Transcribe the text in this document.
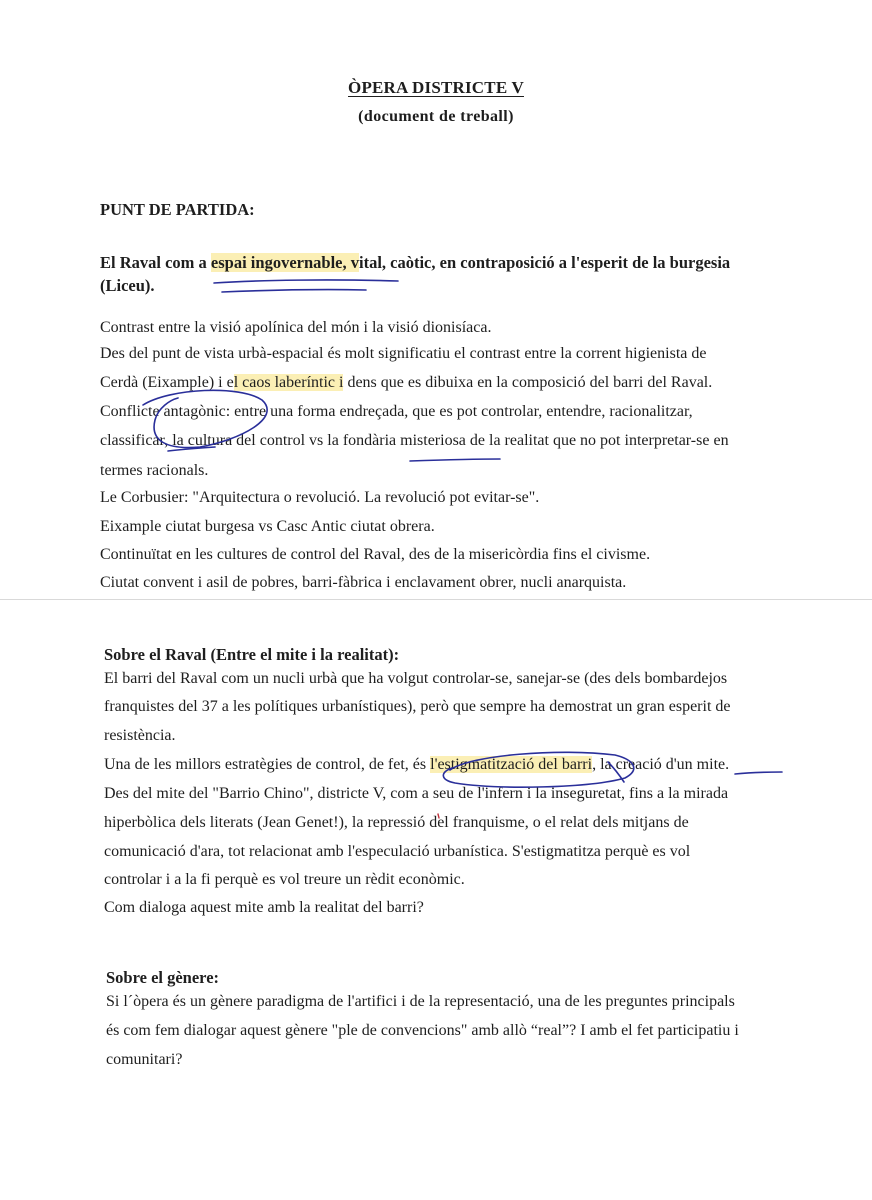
ÒPERA DISTRICTE V
(document de treball)
PUNT DE PARTIDA:
El Raval com a espai ingovernable, vital, caòtic, en contraposició a l'esperit de la burgesia
(Liceu).
Contrast entre la visió apolínica del món i la visió dionisíaca.
Des del punt de vista urbà-espacial és molt significatiu el contrast entre la corrent higienista de
Cerdà (Eixample) i el caos laberíntic i dens que es dibuixa en la composició del barri del Raval.
Conflicte antagònic: entre una forma endreçada, que es pot controlar, entendre, racionalitzar,
classificar, la cultura del control vs la fondària misteriosa de la realitat que no pot interpretar-se en
termes racionals.
Le Corbusier: "Arquitectura o revolució. La revolució pot evitar-se".
Eixample ciutat burgesa vs Casc Antic ciutat obrera.
Continuïtat en les cultures de control del Raval, des de la misericòrdia fins el civisme.
Ciutat convent i asil de pobres, barri-fàbrica i enclavament obrer, nucli anarquista.
Sobre el Raval (Entre el mite i la realitat):
El barri del Raval com un nucli urbà que ha volgut controlar-se, sanejar-se (des dels bombardejos
franquistes del 37 a les polítiques urbanístiques), però que sempre ha demostrat un gran esperit de
resistència.
Una de les millors estratègies de control, de fet, és l'estigmatització del barri, la creació d'un mite.
Des del mite del "Barrio Chino", districte V, com a seu de l'infern i la inseguretat, fins a la mirada
hiperbòlica dels literats (Jean Genet!), la repressió del franquisme, o el relat dels mitjans de
comunicació d'ara, tot relacionat amb l'especulació urbanística. S'estigmatitza perquè es vol
controlar i a la fi perquè es vol treure un rèdit econòmic.
Com dialoga aquest mite amb la realitat del barri?
Sobre el gènere:
Si l´òpera és un gènere paradigma de l'artifici i de la representació, una de les preguntes principals
és com fem dialogar aquest gènere "ple de convencions" amb allò “real”? I amb el fet participatiu i
comunitari?
